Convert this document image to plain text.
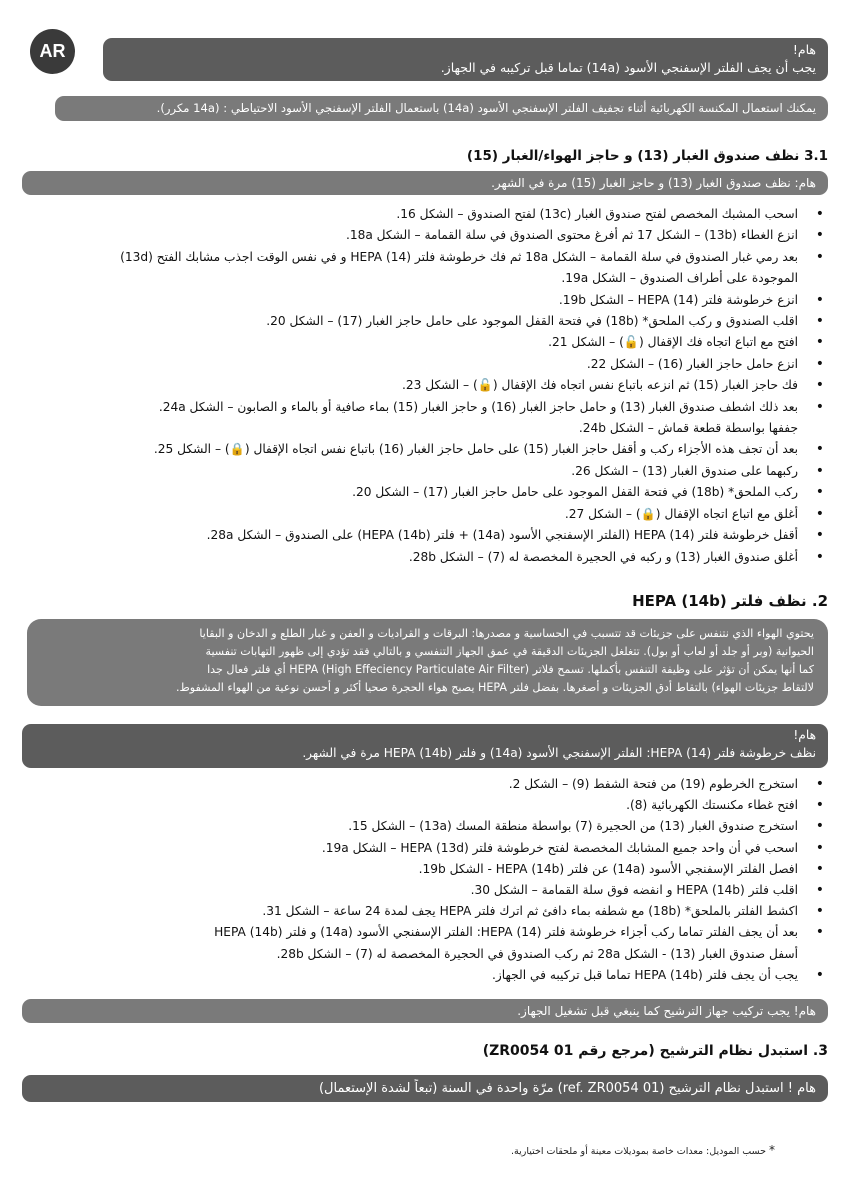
AR	هام!
يجب أن يجف الفلتر الإسفنجي الأسود (14a) تماما قبل تركيبه في الجهاز.
يمكنك استعمال المكنسة الكهربائية أثناء تجفيف الفلتر الإسفنجي الأسود (14a) باستعمال الفلتر الإسفنجي الأسود الاحتياطي : (14a مكرر).
3.1 نظف صندوق الغبار (13) و حاجز الهواء/الغبار (15)
هام: نظف صندوق الغبار (13) و حاجز الغبار (15) مرة في الشهر.
• اسحب المشبك المخصص لفتح صندوق الغبار (13c) لفتح الصندوق – الشكل 16.
• انزع الغطاء (13b) – الشكل 17 ثم أفرغ محتوى الصندوق في سلة القمامة – الشكل 18a.
• بعد رمي غبار الصندوق في سلة القمامة – الشكل 18a ثم فك خرطوشة فلتر HEPA (14) و في نفس الوقت اجذب مشابك الفتح (13d)
الموجودة على أطراف الصندوق – الشكل 19a.
• انزع خرطوشة فلتر HEPA (14) – الشكل 19b.
• اقلب الصندوق و ركب الملحق* (18b) في فتحة القفل الموجود على حامل حاجز الغبار (17) – الشكل 20.
• افتح مع اتباع اتجاه فك الإقفال (🔓) – الشكل 21.
• انزع حامل حاجز الغبار (16) – الشكل 22.
• فك حاجز الغبار (15) ثم انزعه باتباع نفس اتجاه فك الإقفال (🔓) – الشكل 23.
• بعد ذلك اشطف صندوق الغبار (13) و حامل حاجز الغبار (16) و حاجز الغبار (15) بماء صافية أو بالماء و الصابون – الشكل 24a.
جففها بواسطة قطعة قماش – الشكل 24b.
• بعد أن تجف هذه الأجزاء ركب و أقفل حاجز الغبار (15) على حامل حاجز الغبار (16) باتباع نفس اتجاه الإقفال (🔒) – الشكل 25.
• ركبهما على صندوق الغبار (13) – الشكل 26.
• ركب الملحق* (18b) في فتحة القفل الموجود على حامل حاجز الغبار (17) – الشكل 20.
• أغلق مع اتباع اتجاه الإقفال (🔒) – الشكل 27.
• أقفل خرطوشة فلتر HEPA (14) (الفلتر الإسفنجي الأسود (14a) + فلتر HEPA (14b)) على الصندوق – الشكل 28a.
• أغلق صندوق الغبار (13) و ركبه في الحجيرة المخصصة له (7) – الشكل 28b.
2. نظف فلتر HEPA (14b)
يحتوي الهواء الذي نتنفس على جزيئات قد تتسبب في الحساسية و مصدرها: البرقات و القراديات و العفن و غبار الطلع و الدخان و البقايا
الحيوانية (وبر أو جلد أو لعاب أو بول). تتغلغل الجزيئات الدقيقة في عمق الجهاز التنفسي و بالتالي فقد تؤدي إلى ظهور التهابات تنفسية
كما أنها يمكن أن تؤثر على وظيفة التنفس بأكملها. تسمح فلاتر HEPA (High Effeciency Particulate Air Filter) أي فلتر فعال جدا
لالتقاط جزيئات الهواء) بالتقاط أدق الجزيئات و أصغرها. بفضل فلتر HEPA يصبح هواء الحجرة صحيا أكثر و أحسن نوعية من الهواء المشفوط.
هام!
نظف خرطوشة فلتر HEPA (14): الفلتر الإسفنجي الأسود (14a) و فلتر HEPA (14b) مرة في الشهر.
• استخرج الخرطوم (19) من فتحة الشفط (9) – الشكل 2.
• افتح غطاء مكنستك الكهربائية (8).
• استخرج صندوق الغبار (13) من الحجيرة (7) بواسطة منطقة المسك (13a) – الشكل 15.
• اسحب في أن واحد جميع المشابك المخصصة لفتح خرطوشة فلتر HEPA (13d) – الشكل 19a.
• افصل الفلتر الإسفنجي الأسود (14a) عن فلتر HEPA (14b) - الشكل 19b.
• اقلب فلتر HEPA (14b) و انفضه فوق سلة القمامة – الشكل 30.
• اكشط الفلتر بالملحق* (18b) مع شطفه بماء دافئ ثم اترك فلتر HEPA يجف لمدة 24 ساعة – الشكل 31.
• بعد أن يجف الفلتر تماما ركب أجزاء خرطوشة فلتر HEPA (14): الفلتر الإسفنجي الأسود (14a) و فلتر HEPA (14b)
أسفل صندوق الغبار (13) - الشكل 28a ثم ركب الصندوق في الحجيرة المخصصة له (7) – الشكل 28b.
• يجب أن يجف فلتر HEPA (14b) تماما قبل تركيبه في الجهاز.
هام! يجب تركيب جهاز الترشيح كما ينبغي قبل تشغيل الجهاز.
3. استبدل نظام الترشيح (مرجع رقم ZR0054 01)
هام ! استبدل نظام الترشيح (ref. ZR0054 01) مرّة واحدة في السنة (تبعاً لشدة الإستعمال)
* حسب الموديل: معدات خاصة بموديلات معينة أو ملحقات اختيارية.
